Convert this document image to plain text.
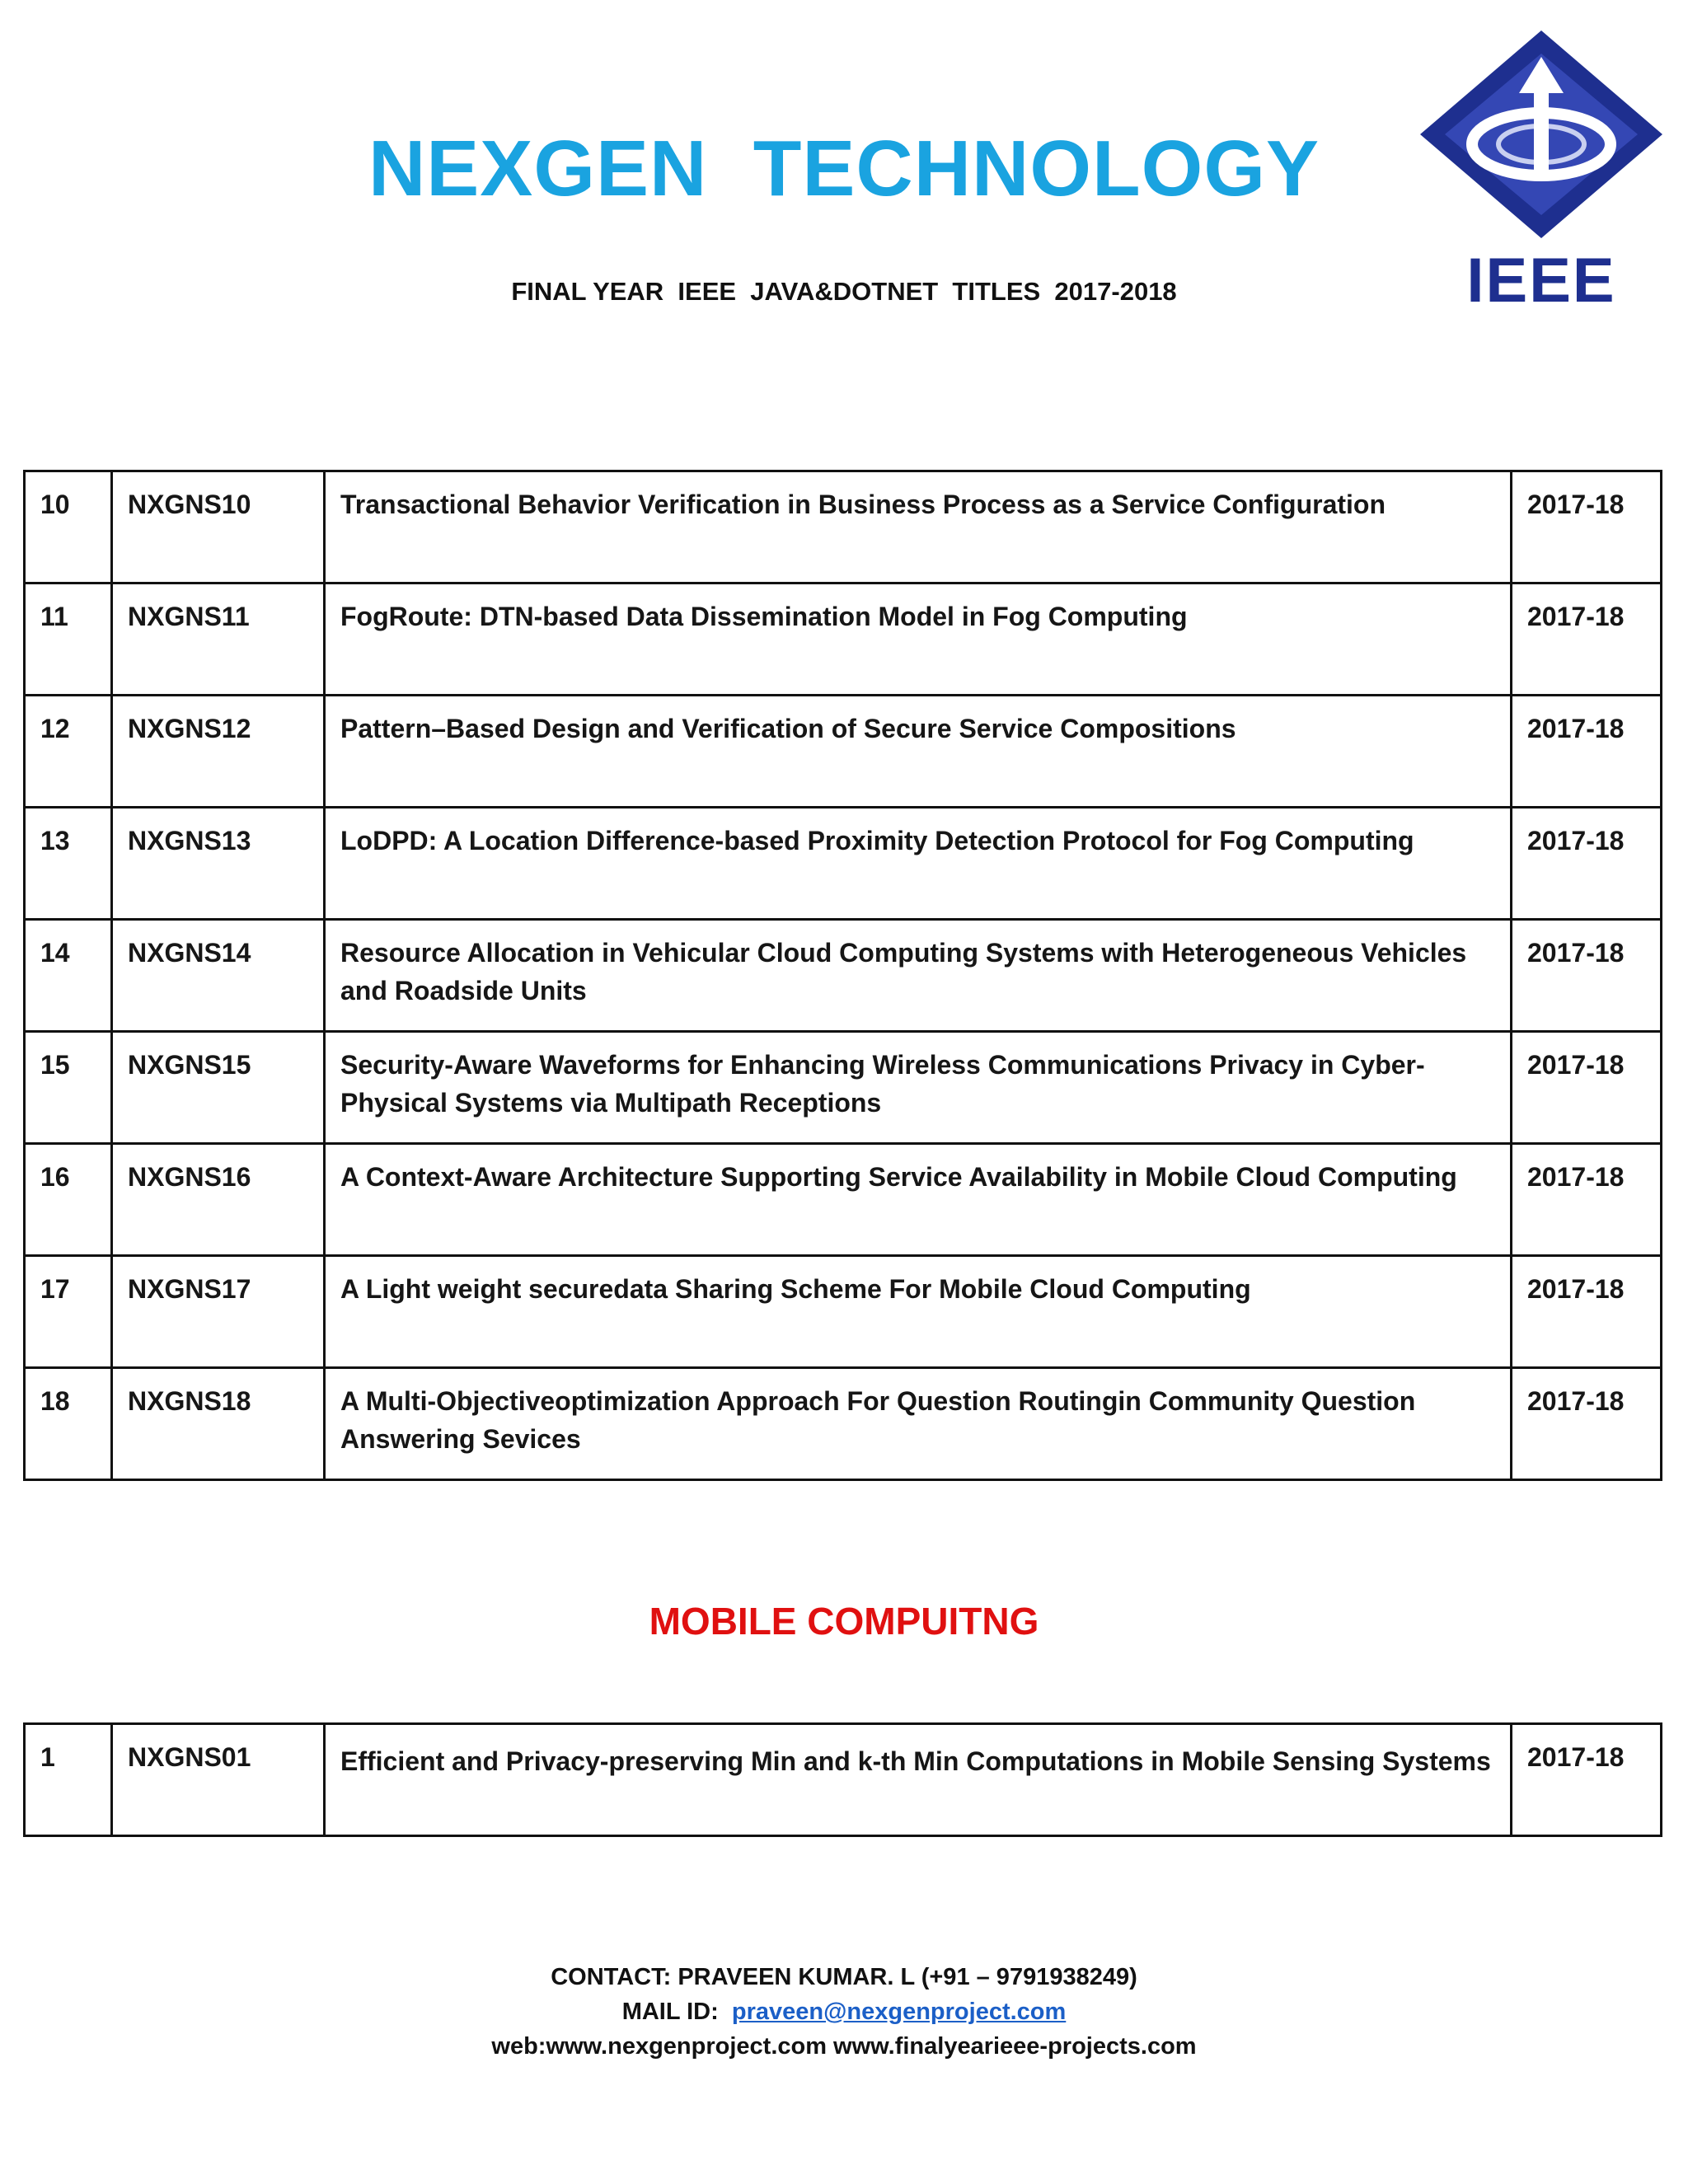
NEXGEN  TECHNOLOGY
FINAL YEAR  IEEE  JAVA&DOTNET  TITLES  2017-2018	IEEE
10	NXGNS10	Transactional Behavior Verification in Business Process as a Service Configuration	2017-18
11	NXGNS11	FogRoute: DTN-based Data Dissemination Model in Fog Computing	2017-18
12	NXGNS12	Pattern–Based Design and Verification of Secure Service Compositions	2017-18
13	NXGNS13	LoDPD: A Location Difference-based Proximity Detection Protocol for Fog Computing	2017-18
14	NXGNS14	Resource Allocation in Vehicular Cloud Computing Systems with Heterogeneous Vehicles and Roadside Units	2017-18
15	NXGNS15	Security-Aware Waveforms for Enhancing Wireless Communications Privacy in Cyber-Physical Systems via Multipath Receptions	2017-18
16	NXGNS16	A Context-Aware Architecture Supporting Service Availability in Mobile Cloud Computing	2017-18
17	NXGNS17	A Light weight securedata Sharing Scheme For Mobile Cloud Computing	2017-18
18	NXGNS18	A Multi-Objectiveoptimization Approach For Question Routingin Community Question Answering Sevices	2017-18
MOBILE COMPUITNG
1	NXGNS01	Efficient and Privacy-preserving Min and k-th Min Computations in Mobile Sensing Systems	2017-18
CONTACT: PRAVEEN KUMAR. L (+91 – 9791938249)
MAIL ID: praveen@nexgenproject.com
web:www.nexgenproject.com www.finalyearieee-projects.com
